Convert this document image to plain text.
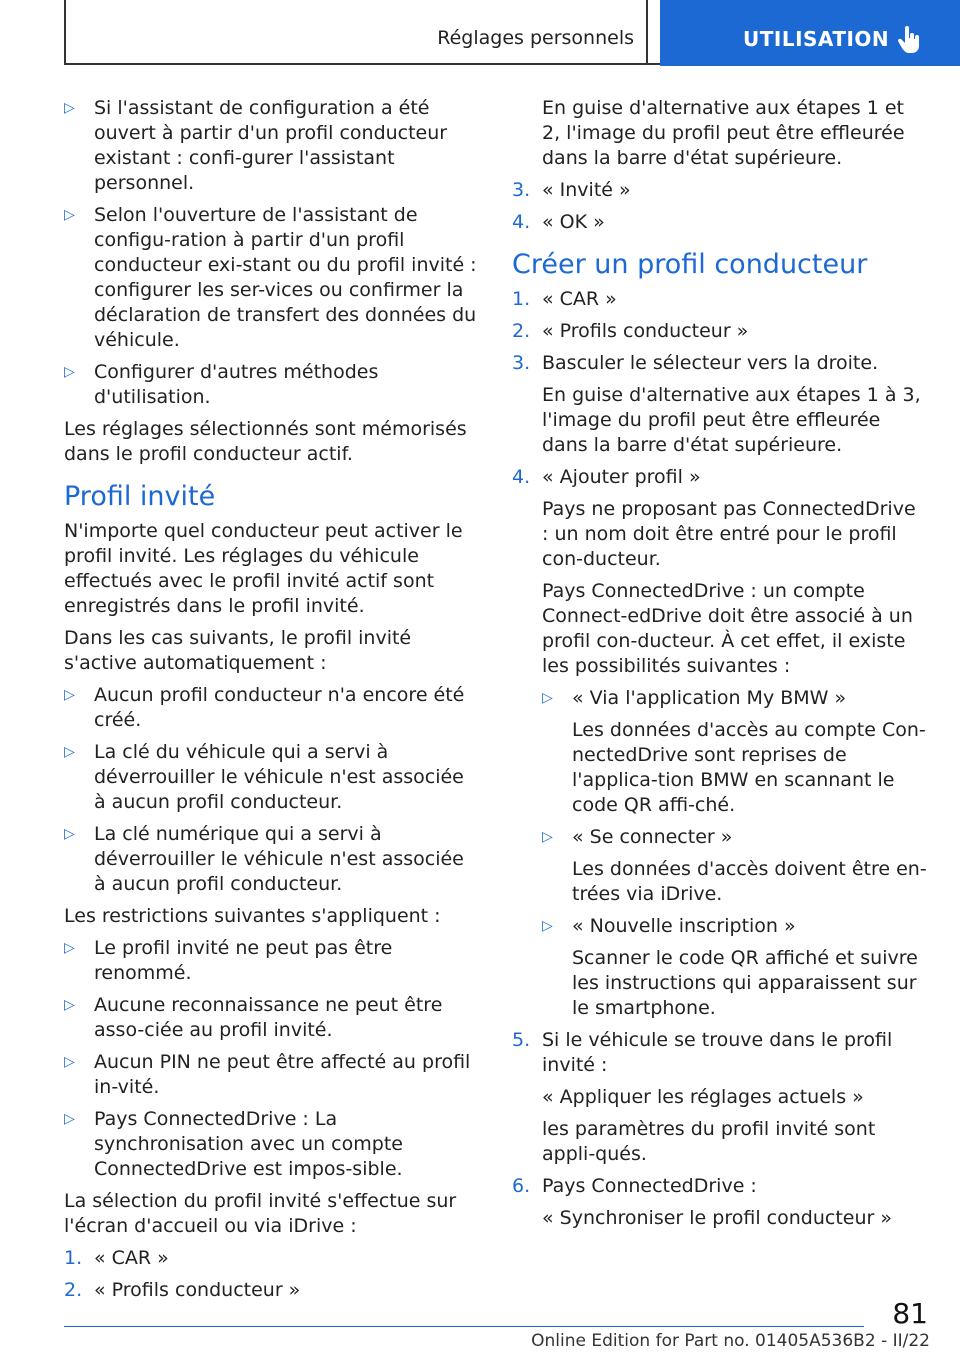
Réglages personnels	UTILISATION
▷ Si l'assistant de configuration a été ouvert à partir d'un profil conducteur existant : confi-gurer l'assistant personnel.
▷ Selon l'ouverture de l'assistant de configu-ration à partir d'un profil conducteur exi-stant ou du profil invité : configurer les ser-vices ou confirmer la déclaration de transfert des données du véhicule.
▷ Configurer d'autres méthodes d'utilisation.

Les réglages sélectionnés sont mémorisés dans le profil conducteur actif.

Profil invité

N'importe quel conducteur peut activer le profil invité. Les réglages du véhicule effectués avec le profil invité actif sont enregistrés dans le profil invité.

Dans les cas suivants, le profil invité s'active automatiquement :

▷ Aucun profil conducteur n'a encore été créé.
▷ La clé du véhicule qui a servi à déverrouiller le véhicule n'est associée à aucun profil conducteur.
▷ La clé numérique qui a servi à déverrouiller le véhicule n'est associée à aucun profil conducteur.

Les restrictions suivantes s'appliquent :

▷ Le profil invité ne peut pas être renommé.
▷ Aucune reconnaissance ne peut être asso-ciée au profil invité.
▷ Aucun PIN ne peut être affecté au profil in-vité.
▷ Pays ConnectedDrive : La synchronisation avec un compte ConnectedDrive est impos-sible.

La sélection du profil invité s'effectue sur l'écran d'accueil ou via iDrive :

1. « CAR »
2. « Profils conducteur »

En guise d'alternative aux étapes 1 et 2, l'image du profil peut être effleurée dans la barre d'état supérieure.

3. « Invité »
4. « OK »
Créer un profil conducteur
1. « CAR »
2. « Profils conducteur »
3. Basculer le sélecteur vers la droite.

En guise d'alternative aux étapes 1 à 3, l'image du profil peut être effleurée dans la barre d'état supérieure.

4. « Ajouter profil »

Pays ne proposant pas ConnectedDrive : un nom doit être entré pour le profil con-ducteur.

Pays ConnectedDrive : un compte Connect-edDrive doit être associé à un profil con-ducteur. À cet effet, il existe les possibilités suivantes :

▷ « Via l'application My BMW »

Les données d'accès au compte Con-nectedDrive sont reprises de l'applica-tion BMW en scannant le code QR affi-ché.

▷ « Se connecter »

Les données d'accès doivent être en-trées via iDrive.

▷ « Nouvelle inscription »

Scanner le code QR affiché et suivre les instructions qui apparaissent sur le smartphone.

5. Si le véhicule se trouve dans le profil invité :

« Appliquer les réglages actuels »

les paramètres du profil invité sont appli-qués.

6. Pays ConnectedDrive :

« Synchroniser le profil conducteur »

81
Online Edition for Part no. 01405A536B2 - II/22
